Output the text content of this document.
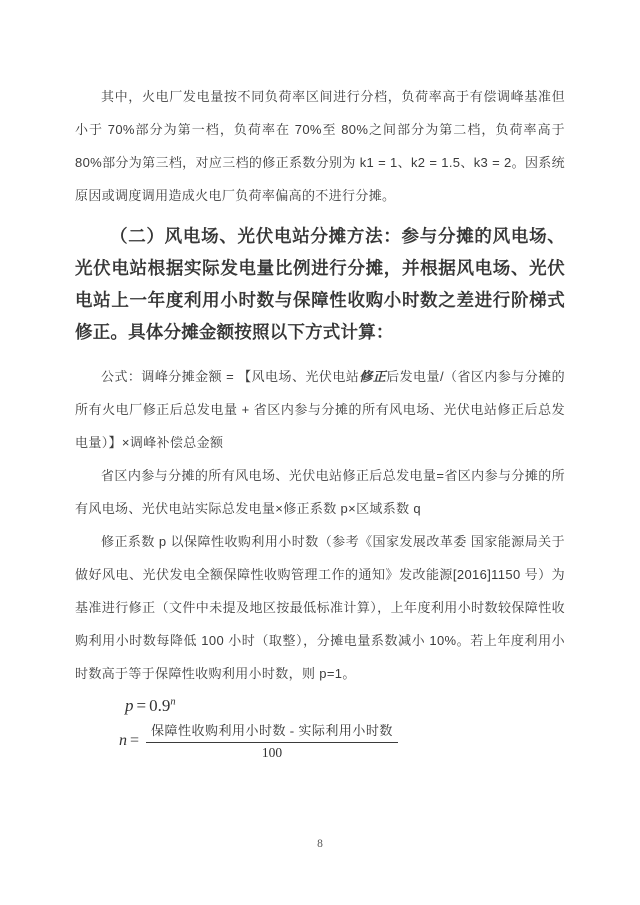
其中，火电厂发电量按不同负荷率区间进行分档，负荷率高于有偿调峰基准但小于 70%部分为第一档，负荷率在 70%至 80%之间部分为第二档，负荷率高于 80%部分为第三档，对应三档的修正系数分别为 k1 = 1、k2 = 1.5、k3 = 2。因系统原因或调度调用造成火电厂负荷率偏高的不进行分摊。

（二）风电场、光伏电站分摊方法：参与分摊的风电场、光伏电站根据实际发电量比例进行分摊，并根据风电场、光伏电站上一年度利用小时数与保障性收购小时数之差进行阶梯式修正。具体分摊金额按照以下方式计算：

公式：调峰分摊金额 = 【风电场、光伏电站修正后发电量/（省区内参与分摊的所有火电厂修正后总发电量 + 省区内参与分摊的所有风电场、光伏电站修正后总发电量）】×调峰补偿总金额

省区内参与分摊的所有风电场、光伏电站修正后总发电量=省区内参与分摊的所有风电场、光伏电站实际总发电量×修正系数 p×区域系数 q

修正系数 p 以保障性收购利用小时数（参考《国家发展改革委 国家能源局关于做好风电、光伏发电全额保障性收购管理工作的通知》发改能源[2016]1150 号）为基准进行修正（文件中未提及地区按最低标准计算），上年度利用小时数较保障性收购利用小时数每降低 100 小时（取整），分摊电量系数减小 10%。若上年度利用小时数高于等于保障性收购利用小时数，则 p=1。

$p = 0.9^n$
$n = \frac{\text{保障性收购利用小时数 - 实际利用小时数}}{100}$
8
